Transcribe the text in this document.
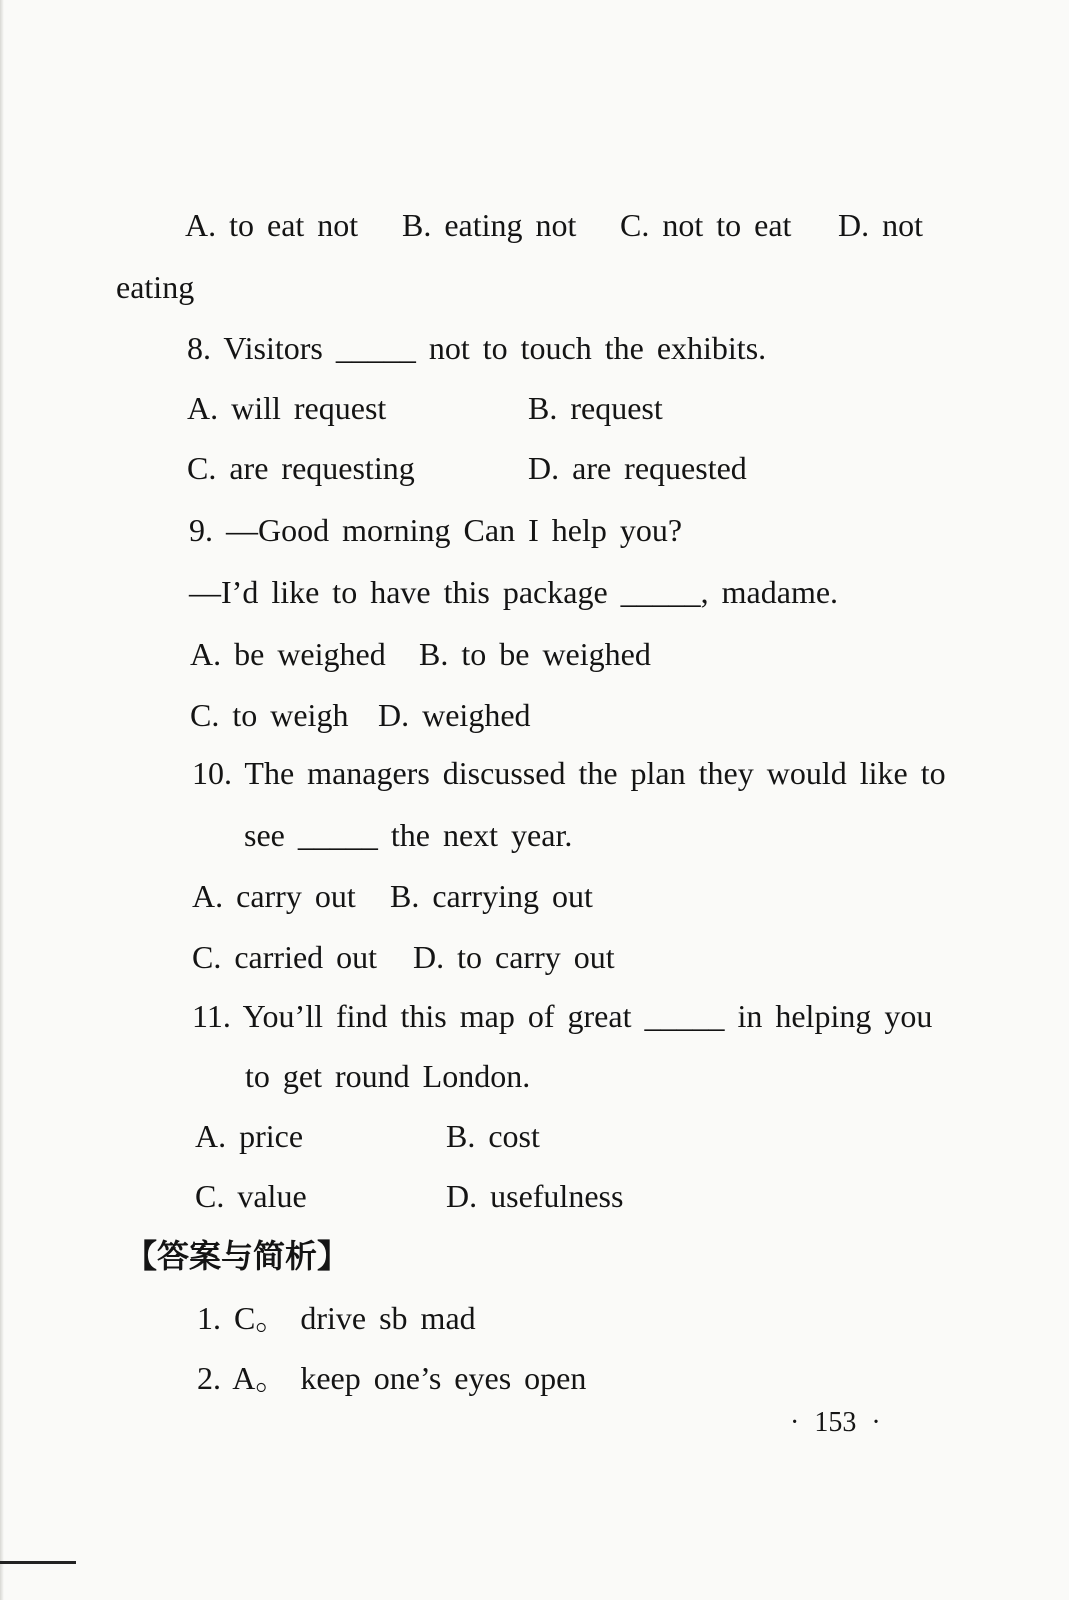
A. to eat not B. eating not C. not to eat D. not
eating
8. Visitors _____ not to touch the exhibits.
A. will request	B. request
C. are requesting	D. are requested
9. —Good morning Can I help you?
—I’d like to have this package _____, madame.
A. be weighed B. to be weighed
C. to weigh D. weighed
10. The managers discussed the plan they would like to
see _____ the next year.
A. carry out B. carrying out
C. carried out D. to carry out
11. You’ll find this map of great _____ in helping you
to get round London.
A. price	B. cost
C. value	D. usefulness
【答案与简析】
1. C。 drive sb mad
2. A。 keep one’s eyes open
· 153 ·
